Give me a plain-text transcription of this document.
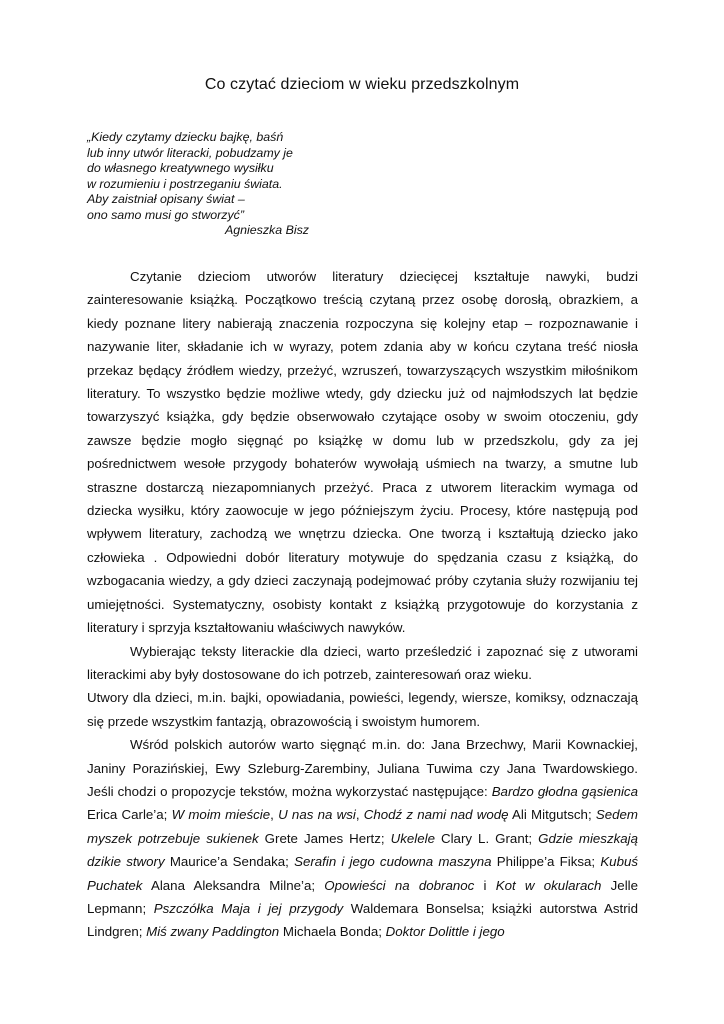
Co czytać dzieciom w wieku przedszkolnym
„Kiedy czytamy dziecku bajkę, baśń
lub inny utwór literacki, pobudzamy je
do własnego kreatywnego wysiłku
w rozumieniu i postrzeganiu świata.
Aby zaistniał opisany świat –
ono samo musi go stworzyć”
Agnieszka Bisz

Czytanie dzieciom utworów literatury dziecięcej kształtuje nawyki, budzi zainteresowanie książką. Początkowo treścią czytaną przez osobę dorosłą, obrazkiem, a kiedy poznane litery nabierają znaczenia rozpoczyna się kolejny etap – rozpoznawanie i nazywanie liter, składanie ich w wyrazy, potem zdania aby w końcu czytana treść niosła przekaz będący źródłem wiedzy, przeżyć, wzruszeń, towarzyszących wszystkim miłośnikom literatury. To wszystko będzie możliwe wtedy, gdy dziecku już od najmłodszych lat będzie towarzyszyć książka, gdy będzie obserwowało czytające osoby w swoim otoczeniu, gdy zawsze będzie mogło sięgnąć po książkę w domu lub w przedszkolu, gdy za jej pośrednictwem wesołe przygody bohaterów wywołają uśmiech na twarzy, a smutne lub straszne dostarczą niezapomnianych przeżyć. Praca z utworem literackim wymaga od dziecka wysiłku, który zaowocuje w jego późniejszym życiu. Procesy, które następują pod wpływem literatury, zachodzą we wnętrzu dziecka. One tworzą i kształtują dziecko jako człowieka . Odpowiedni dobór literatury motywuje do spędzania czasu z książką, do wzbogacania wiedzy, a gdy dzieci zaczynają podejmować próby czytania służy rozwijaniu tej umiejętności. Systematyczny, osobisty kontakt z książką przygotowuje do korzystania z literatury i sprzyja kształtowaniu właściwych nawyków.

Wybierając teksty literackie dla dzieci, warto prześledzić i zapoznać się z utworami literackimi aby były dostosowane do ich potrzeb, zainteresowań oraz wieku.

Utwory dla dzieci, m.in. bajki, opowiadania, powieści, legendy, wiersze, komiksy, odznaczają się przede wszystkim fantazją, obrazowością i swoistym humorem.

Wśród polskich autorów warto sięgnąć m.in. do: Jana Brzechwy, Marii Kownackiej, Janiny Porazińskiej, Ewy Szleburg-Zarembiny, Juliana Tuwima czy Jana Twardowskiego. Jeśli chodzi o propozycje tekstów, można wykorzystać następujące: Bardzo głodna gąsienica Erica Carle’a; W moim mieście, U nas na wsi, Chodź z nami nad wodę Ali Mitgutsch; Sedem myszek potrzebuje sukienek Grete James Hertz; Ukelele Clary L. Grant; Gdzie mieszkają dzikie stwory Maurice’a Sendaka; Serafin i jego cudowna maszyna Philippe’a Fiksa; Kubuś Puchatek Alana Aleksandra Milne’a; Opowieści na dobranoc i Kot w okularach Jelle Lepmann; Pszczółka Maja i jej przygody Waldemara Bonselsa; książki autorstwa Astrid Lindgren; Miś zwany Paddington Michaela Bonda; Doktor Dolittle i jego
